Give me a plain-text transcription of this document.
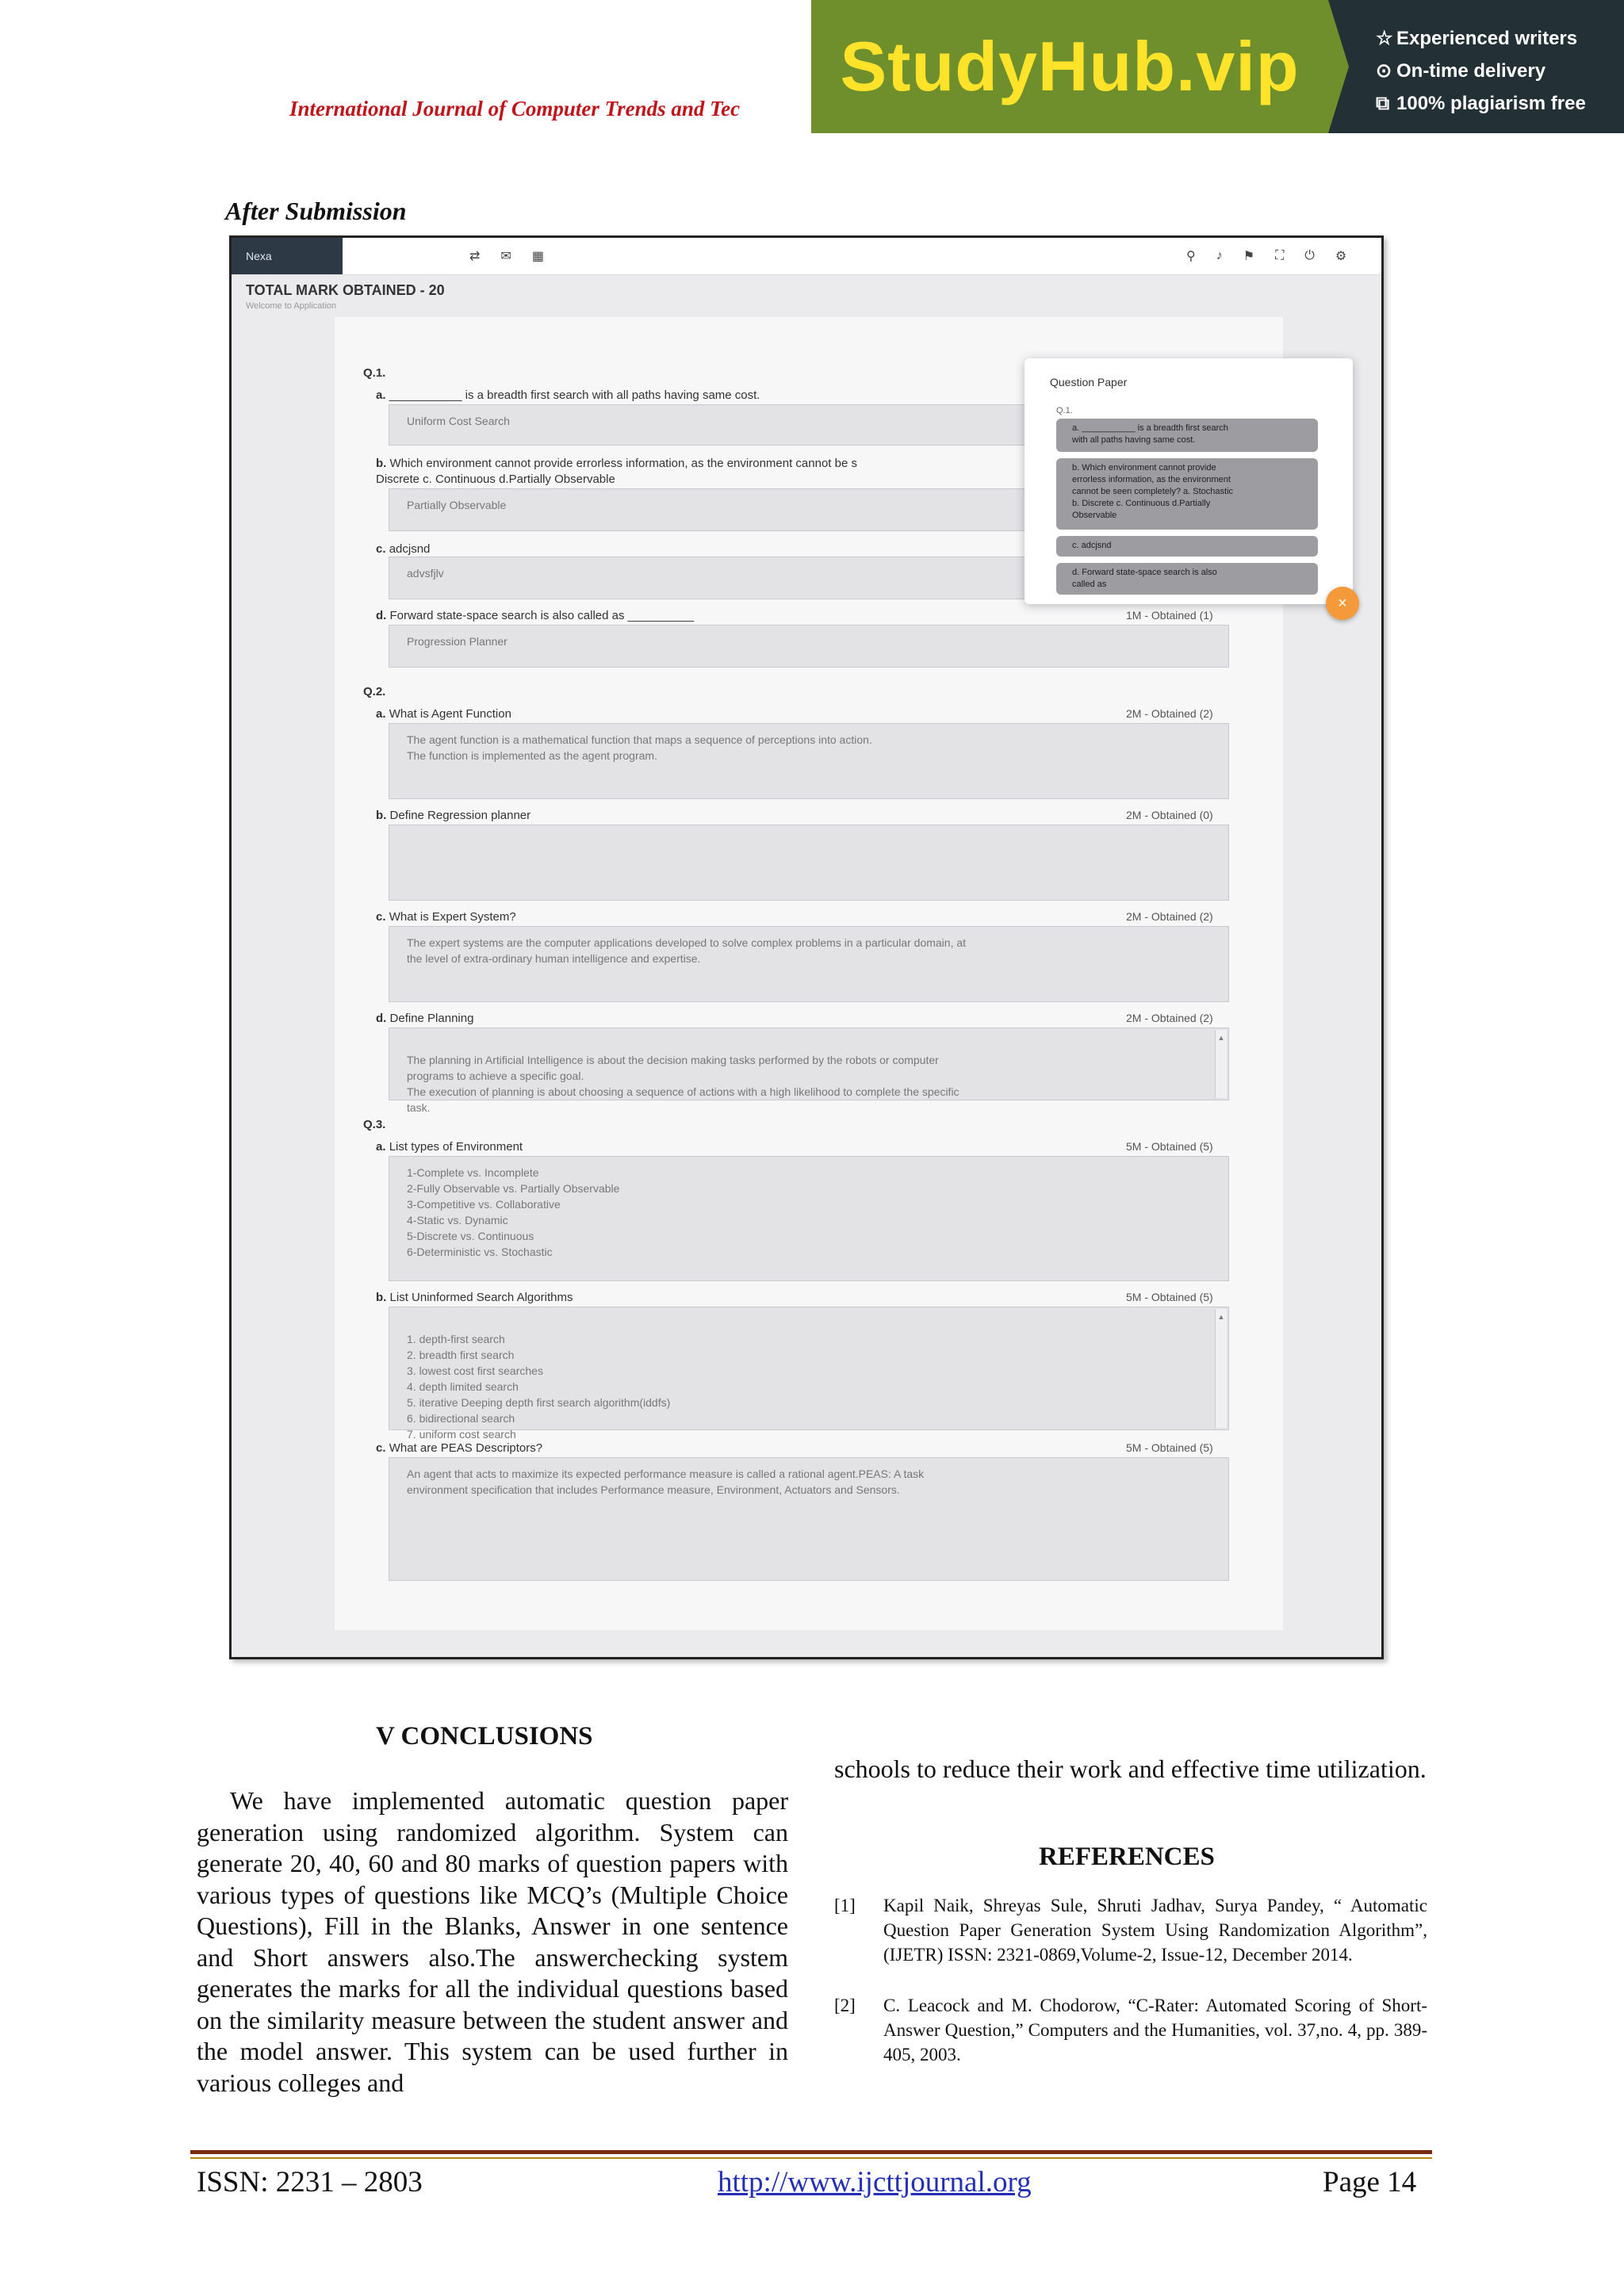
International Journal of Computer Trends and Tec
StudyHub.vip	☆ Experienced writers
⊙ On-time delivery
⧉ 100% plagiarism free
After Submission
Nexa	⇄ ✉ ▦	⚲ ♪ ⚑ ⛶ ⏻ ⚙
TOTAL MARK OBTAINED - 20
Welcome to Application
Q.1.
a. ___________ is a breadth first search with all paths having same cost.
Uniform Cost Search
b. Which environment cannot provide errorless information, as the environment cannot be s
Discrete c. Continuous d.Partially Observable
Partially Observable
c. adcjsnd
advsfjlv
d. Forward state-space search is also called as __________	1M - Obtained (1)
Progression Planner
Q.2.
a. What is Agent Function	2M - Obtained (2)
The agent function is a mathematical function that maps a sequence of perceptions into action.
The function is implemented as the agent program.
b. Define Regression planner	2M - Obtained (0)
c. What is Expert System?	2M - Obtained (2)
The expert systems are the computer applications developed to solve complex problems in a particular domain, at
the level of extra-ordinary human intelligence and expertise.
d. Define Planning	2M - Obtained (2)

The planning in Artificial Intelligence is about the decision making tasks performed by the robots or computer
programs to achieve a specific goal.
The execution of planning is about choosing a sequence of actions with a high likelihood to complete the specific
task.

▲

Q.3.
a. List types of Environment	5M - Obtained (5)
1-Complete vs. Incomplete
2-Fully Observable vs. Partially Observable
3-Competitive vs. Collaborative
4-Static vs. Dynamic
5-Discrete vs. Continuous
6-Deterministic vs. Stochastic
b. List Uninformed Search Algorithms	5M - Obtained (5)

1. depth-first search
2. breadth first search
3. lowest cost first searches
4. depth limited search
5. iterative Deeping depth first search algorithm(iddfs)
6. bidirectional search
7. uniform cost search

▲

c. What are PEAS Descriptors?	5M - Obtained (5)
An agent that acts to maximize its expected performance measure is called a rational agent.PEAS: A task
environment specification that includes Performance measure, Environment, Actuators and Sensors.
Question Paper
Q.1.
a. ___________ is a breadth first search
with all paths having same cost.
b. Which environment cannot provide
errorless information, as the environment
cannot be seen completely? a. Stochastic
b. Discrete c. Continuous d.Partially
Observable
c. adcjsnd
d. Forward state-space search is also
called as
×
V CONCLUSIONS

We have implemented automatic question paper generation using randomized algorithm. System can generate 20, 40, 60 and 80 marks of question papers with various types of questions like MCQ’s (Multiple Choice Questions), Fill in the Blanks, Answer in one sentence and Short answers also.The answerchecking system generates the marks for all the individual questions based on the similarity measure between the student answer and the model answer. This system can be used further in various colleges and

schools to reduce their work and effective time utilization.

REFERENCES
[1] Kapil Naik, Shreyas Sule, Shruti Jadhav, Surya Pandey, “ Automatic Question Paper Generation System Using Randomization Algorithm”, (IJETR) ISSN: 2321-0869,Volume-2, Issue-12, December 2014.
[2] C. Leacock and M. Chodorow, “C-Rater: Automated Scoring of Short-Answer Question,” Computers and the Humanities, vol. 37,no. 4, pp. 389-405, 2003.
ISSN: 2231 – 2803	http://www.ijcttjournal.org	Page 14
